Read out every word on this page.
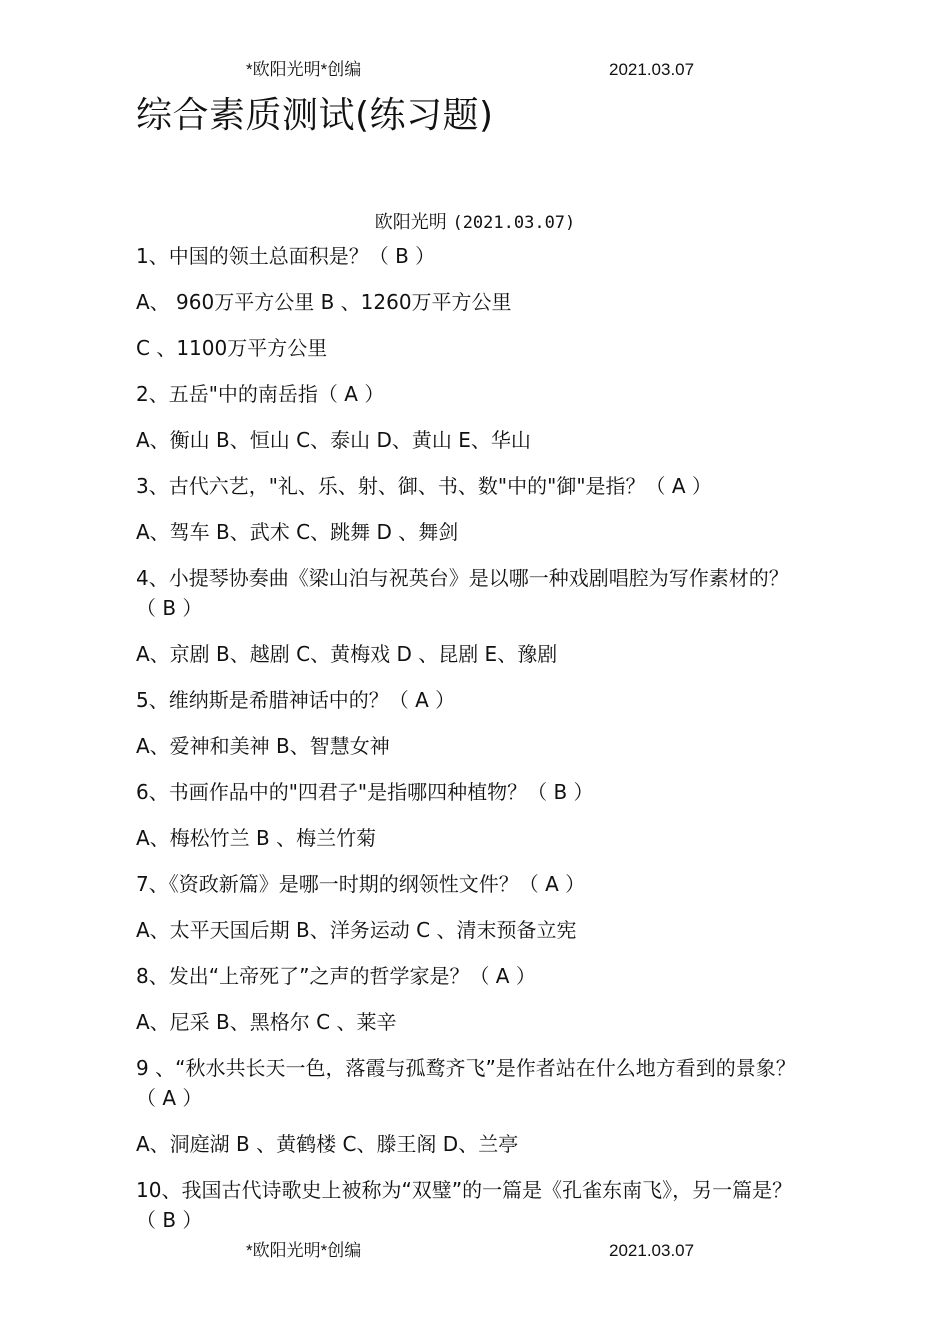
*欧阳光明*创编	2021.03.07
综合素质测试(练习题)
欧阳光明 (2021.03.07)
1、中国的领土总面积是？（ B ）
A、 960万平方公里 B 、1260万平方公里
C 、1100万平方公里
2、五岳"中的南岳指（ A ）
A、衡山 B、恒山 C、泰山 D、黄山 E、华山
3、古代六艺，"礼、乐、射、御、书、数"中的"御"是指？（ A ）
A、驾车 B、武术 C、跳舞 D 、舞剑
4、小提琴协奏曲《梁山泊与祝英台》是以哪一种戏剧唱腔为写作素材的？（ B ）
A、京剧 B、越剧 C、黄梅戏 D 、昆剧 E、豫剧
5、维纳斯是希腊神话中的？（ A ）
A、爱神和美神 B、智慧女神
6、书画作品中的"四君子"是指哪四种植物？（ B ）
A、梅松竹兰 B 、梅兰竹菊
7、《资政新篇》是哪一时期的纲领性文件？（ A ）
A、太平天国后期 B、洋务运动 C 、清末预备立宪
8、发出“上帝死了”之声的哲学家是？（ A ）
A、尼采 B、黑格尔 C 、莱辛
9 、“秋水共长天一色，落霞与孤鹜齐飞”是作者站在什么地方看到的景象？（ A ）
A、洞庭湖 B 、黄鹤楼 C、滕王阁 D、兰亭
10、我国古代诗歌史上被称为“双璧”的一篇是《孔雀东南飞》，另一篇是？（ B ）
*欧阳光明*创编	2021.03.07
